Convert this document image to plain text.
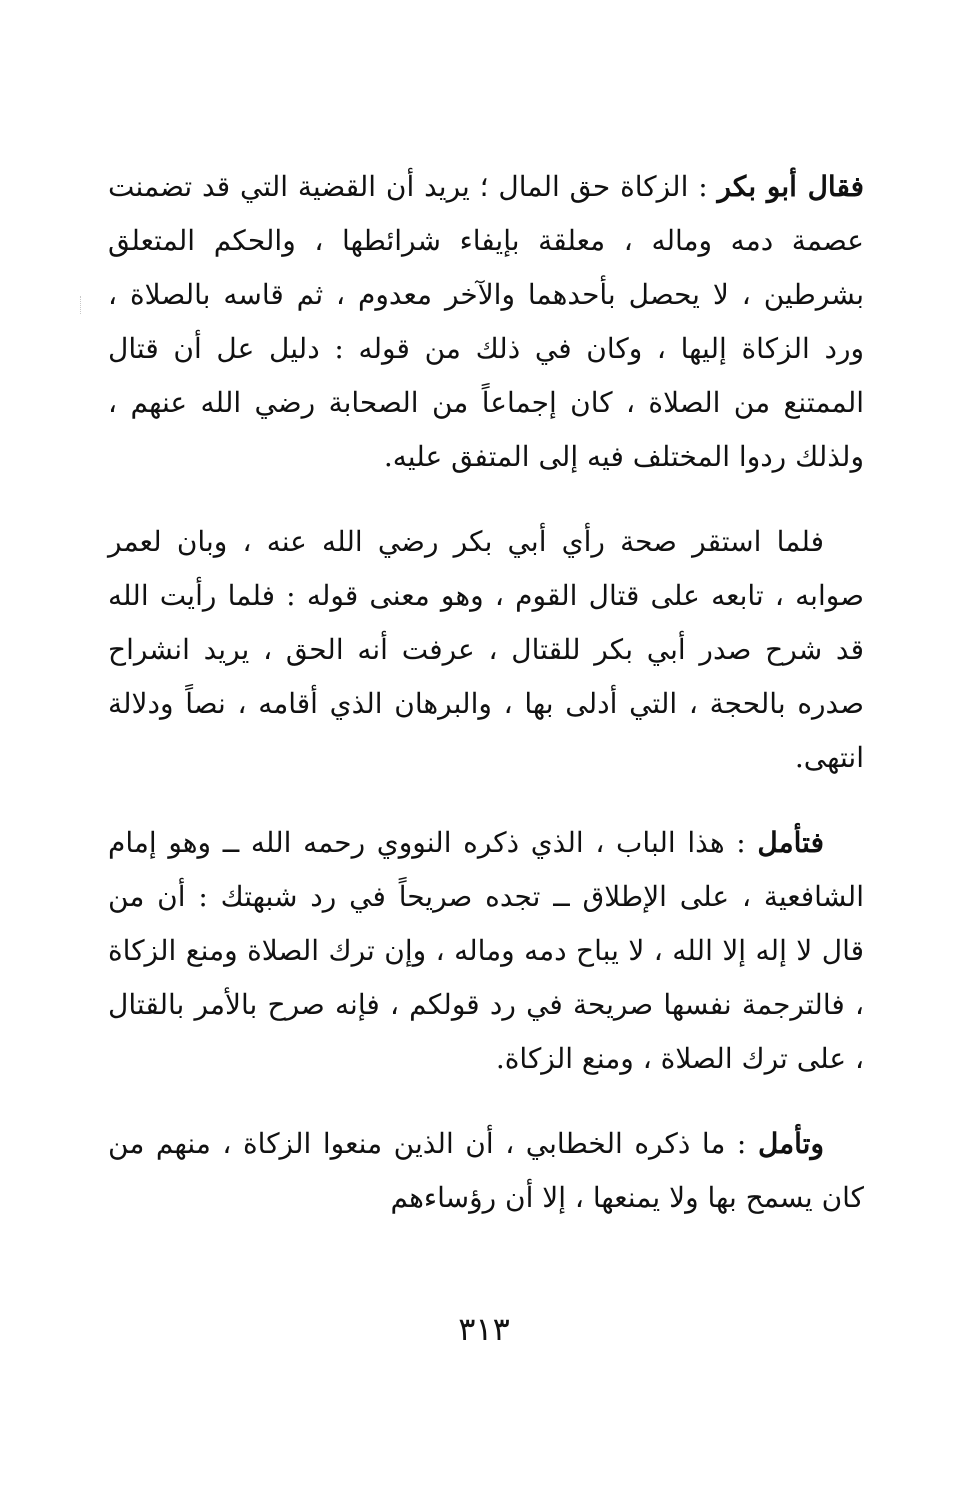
فقال أبو بكر : الزكاة حق المال ؛ يريد أن القضية التي قد تضمنت عصمة دمه وماله ، معلقة بإيفاء شرائطها ، والحكم المتعلق بشرطين ، لا يحصل بأحدهما والآخر معدوم ، ثم قاسه بالصلاة ، ورد الزكاة إليها ، وكان في ذلك من قوله : دليل عل أن قتال الممتنع من الصلاة ، كان إجماعاً من الصحابة رضي الله عنهم ، ولذلك ردوا المختلف فيه إلى المتفق عليه.

فلما استقر صحة رأي أبي بكر رضي الله عنه ، وبان لعمر صوابه ، تابعه على قتال القوم ، وهو معنى قوله : فلما رأيت الله قد شرح صدر أبي بكر للقتال ، عرفت أنه الحق ، يريد انشراح صدره بالحجة ، التي أدلى بها ، والبرهان الذي أقامه ، نصاً ودلالة انتهى.

فتأمل : هذا الباب ، الذي ذكره النووي رحمه الله ــ وهو إمام الشافعية ، على الإطلاق ــ تجده صريحاً في رد شبهتك : أن من قال لا إله إلا الله ، لا يباح دمه وماله ، وإن ترك الصلاة ومنع الزكاة ، فالترجمة نفسها صريحة في رد قولكم ، فإنه صرح بالأمر بالقتال ، على ترك الصلاة ، ومنع الزكاة.

وتأمل : ما ذكره الخطابي ، أن الذين منعوا الزكاة ، منهم من كان يسمح بها ولا يمنعها ، إلا أن رؤساءهم

٣١٣
